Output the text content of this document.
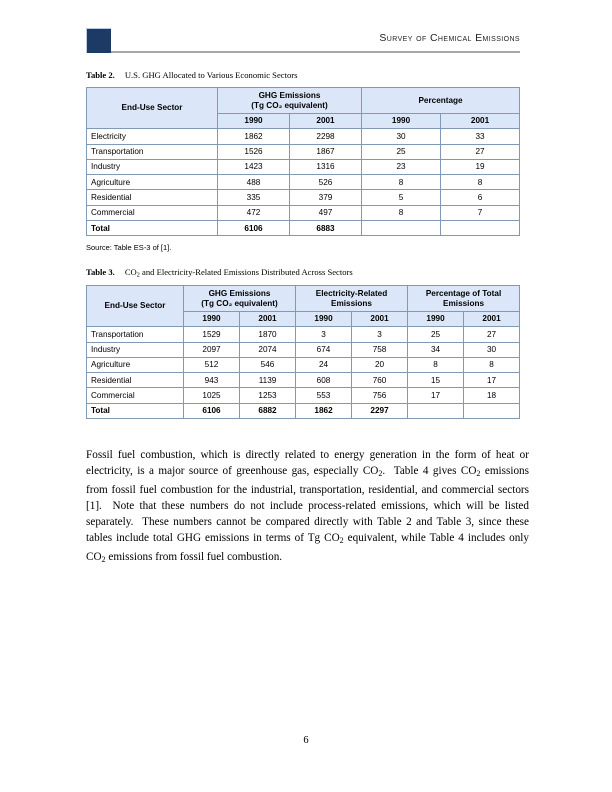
Survey of Chemical Emissions
Table 2. U.S. GHG Allocated to Various Economic Sectors
End-Use Sector	GHG Emissions
(Tg CO₂ equivalent)		Percentage	
	1990	2001	1990	2001
Electricity	1862	2298	30	33
Transportation	1526	1867	25	27
Industry	1423	1316	23	19
Agriculture	488	526	8	8
Residential	335	379	5	6
Commercial	472	497	8	7
Total	6106	6883		
Source: Table ES-3 of [1].
Table 3. $CO_2$ and Electricity-Related Emissions Distributed Across Sectors
End-Use Sector	
GHG Emissions
(Tg CO₂ equivalent)

Electricity-Related
Emissions

Percentage of Total
Emissions

	1990	2001	1990	2001	1990	2001
Transportation	1529	1870	3	3	25	27
Industry	2097	2074	674	758	34	30
Agriculture	512	546	24	20	8	8
Residential	943	1139	608	760	15	17
Commercial	1025	1253	553	756	17	18
Total	6106	6882	1862	2297		

Fossil fuel combustion, which is directly related to energy generation in the form of heat or electricity, is a major source of greenhouse gas, especially $CO_2$.  Table 4 gives $CO_2$ emissions from fossil fuel combustion for the industrial, transportation, residential, and commercial sectors [1].  Note that these numbers do not include process-related emissions, which will be listed separately.  These numbers cannot be compared directly with Table 2 and Table 3, since these tables include total GHG emissions in terms of Tg $CO_2$ equivalent, while Table 4 includes only $CO_2$ emissions from fossil fuel combustion.

6
